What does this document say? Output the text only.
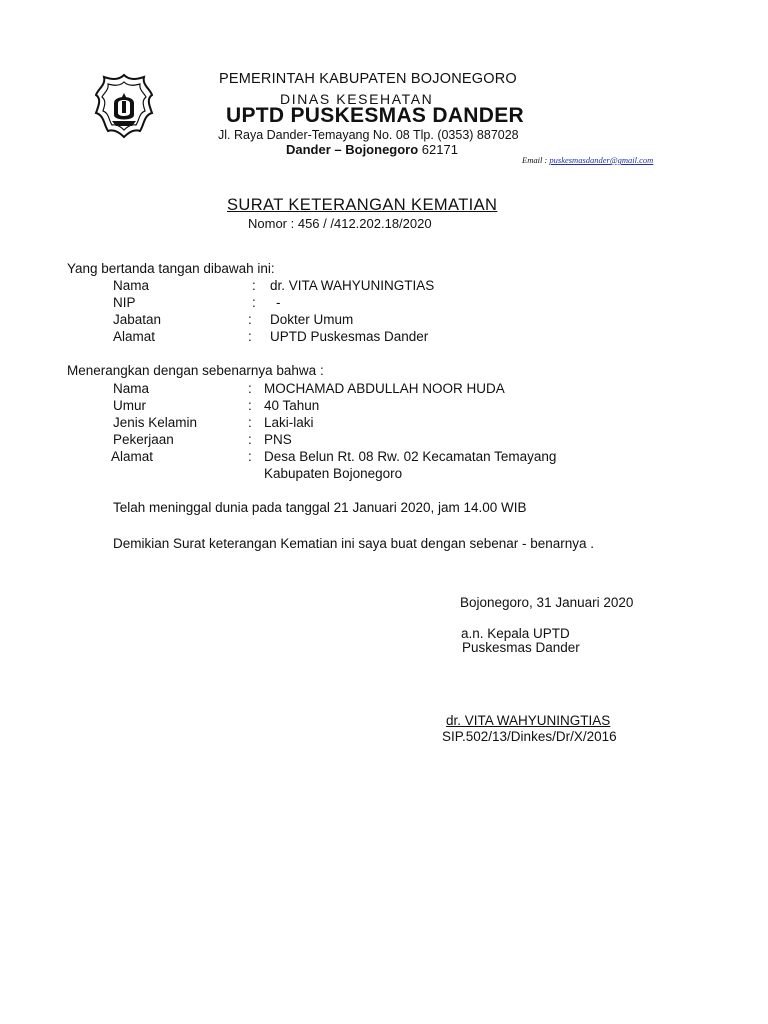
PEMERINTAH KABUPATEN BOJONEGORO
DINAS KESEHATAN
UPTD PUSKESMAS DANDER
Jl. Raya Dander-Temayang No. 08 Tlp. (0353) 887028
Dander – Bojonegoro 62171
Email : puskesmasdander@gmail.com
SURAT KETERANGAN KEMATIAN
Nomor : 456 / /412.202.18/2020
Yang bertanda tangan dibawah ini:
Nama	: dr. VITA WAHYUNINGTIAS
NIP	: -
Jabatan	: Dokter Umum
Alamat	: UPTD Puskesmas Dander
Menerangkan dengan sebenarnya bahwa :
Nama	: MOCHAMAD ABDULLAH NOOR HUDA
Umur	: 40 Tahun
Jenis Kelamin	: Laki-laki
Pekerjaan	: PNS
Alamat	: Desa Belun Rt. 08 Rw. 02 Kecamatan Temayang
Kabupaten Bojonegoro
Telah meninggal dunia pada tanggal 21 Januari 2020, jam 14.00 WIB
Demikian Surat keterangan Kematian ini saya buat dengan sebenar - benarnya .
Bojonegoro, 31 Januari 2020
a.n. Kepala UPTD
Puskesmas Dander
dr. VITA WAHYUNINGTIAS
SIP.502/13/Dinkes/Dr/X/2016
